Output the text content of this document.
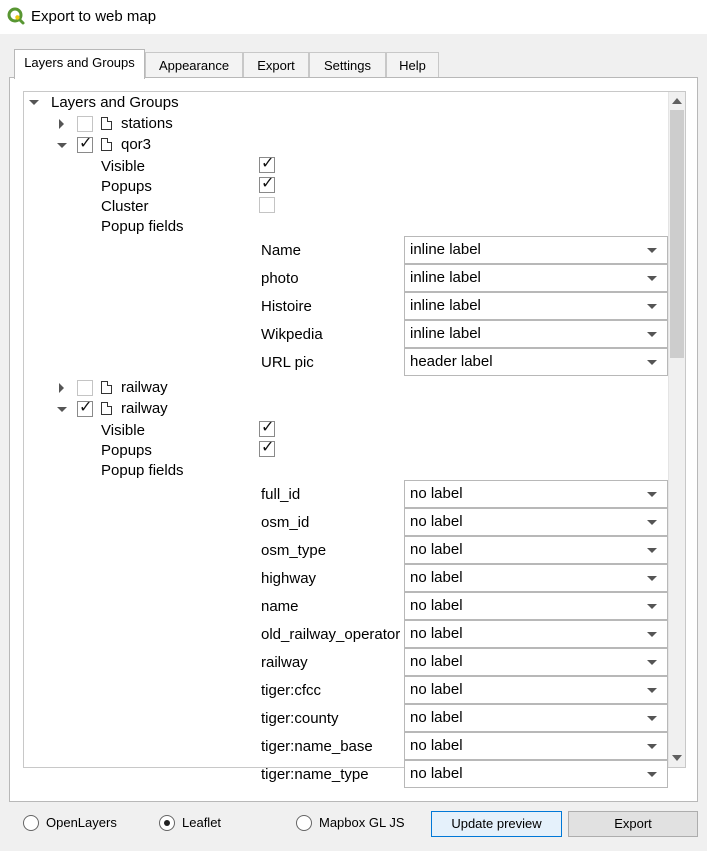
Export to web map
Layers and Groups	Appearance	Export	Settings	Help
Layers and Groups
stations
✓ qor3
Visible	✓
Popups	✓
Cluster
Popup fields
Name	inline label
photo	inline label
Histoire	inline label
Wikpedia	inline label
URL pic	header label
railway
✓ railway
Visible	✓
Popups	✓
Popup fields
full_id	no label
osm_id	no label
osm_type	no label
highway	no label
name	no label
old_railway_operator no label
railway	no label
tiger:cfcc	no label
tiger:county	no label
tiger:name_base	no label
tiger:name_type	no label
OpenLayers	Leaflet	Mapbox GL JS	Update preview	Export
